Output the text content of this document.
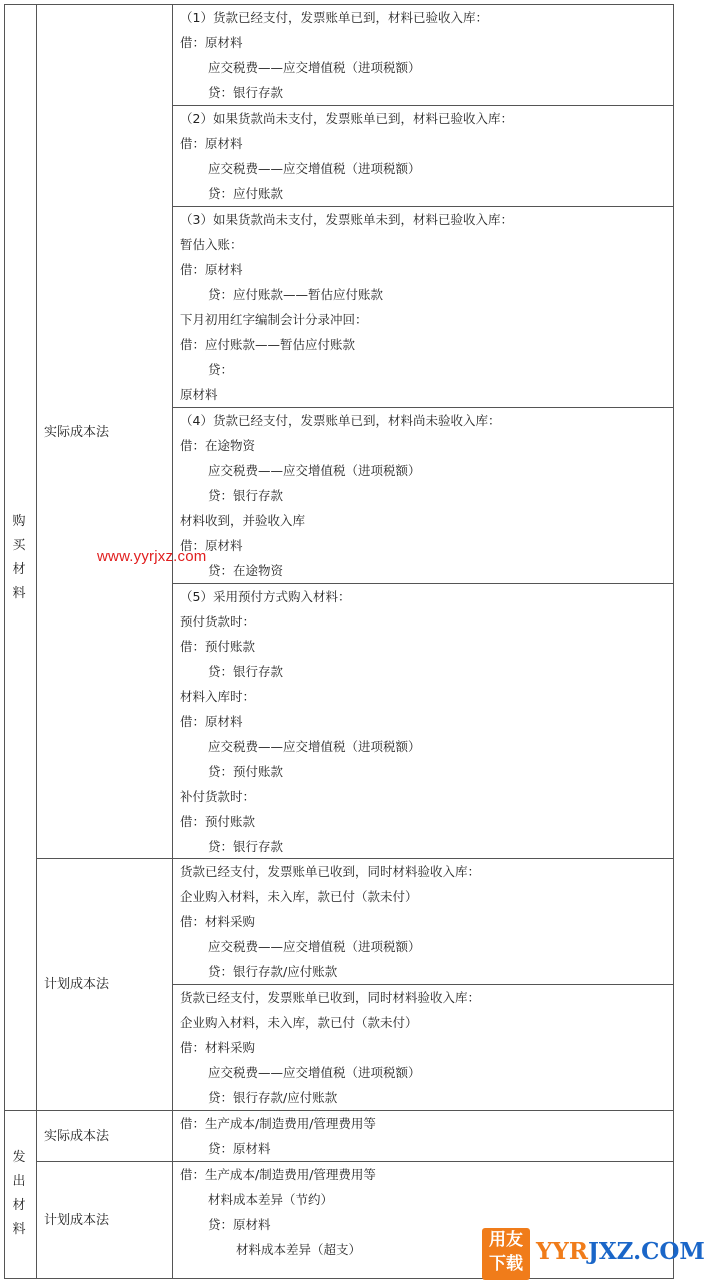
购
买
材
料
发
出
材
料
实际成本法
计划成本法
实际成本法
计划成本法
（1）货款已经支付，发票账单已到，材料已验收入库：
借：原材料
应交税费——应交增值税（进项税额）
贷：银行存款
（2）如果货款尚未支付，发票账单已到，材料已验收入库：
借：原材料
应交税费——应交增值税（进项税额）
贷：应付账款
（3）如果货款尚未支付，发票账单未到，材料已验收入库：
暂估入账：
借：原材料
贷：应付账款——暂估应付账款
下月初用红字编制会计分录冲回：
借：应付账款——暂估应付账款
贷：
原材料
（4）货款已经支付，发票账单已到，材料尚未验收入库：
借：在途物资
应交税费——应交增值税（进项税额）
贷：银行存款
材料收到，并验收入库
借：原材料
贷：在途物资
（5）采用预付方式购入材料：
预付货款时：
借：预付账款
贷：银行存款
材料入库时：
借：原材料
应交税费——应交增值税（进项税额）
贷：预付账款
补付货款时：
借：预付账款
贷：银行存款
货款已经支付，发票账单已收到，同时材料验收入库：
企业购入材料，未入库，款已付（款未付）
借：材料采购
应交税费——应交增值税（进项税额）
贷：银行存款/应付账款
货款已经支付，发票账单已收到，同时材料验收入库：
企业购入材料，未入库，款已付（款未付）
借：材料采购
应交税费——应交增值税（进项税额）
贷：银行存款/应付账款
借：生产成本/制造费用/管理费用等
贷：原材料
借：生产成本/制造费用/管理费用等
材料成本差异（节约）
贷：原材料
材料成本差异（超支）
www.yyrjxz.com
用友
下载 YYRJXZ.COM
